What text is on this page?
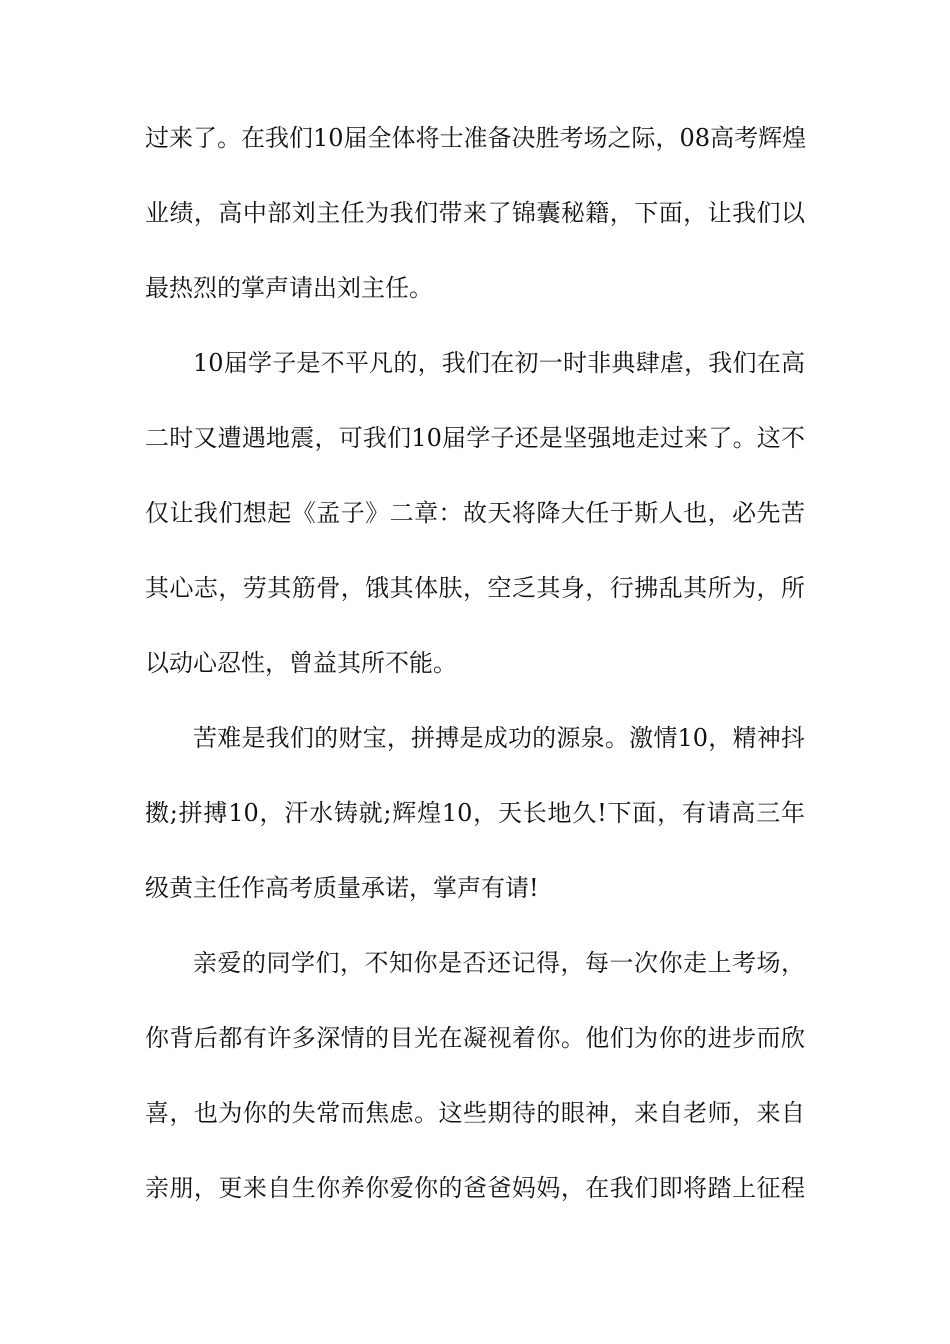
过来了。在我们10届全体将士准备决胜考场之际，08高考辉煌
业绩，高中部刘主任为我们带来了锦囊秘籍，下面，让我们以
最热烈的掌声请出刘主任。
10届学子是不平凡的，我们在初一时非典肆虐，我们在高
二时又遭遇地震，可我们10届学子还是坚强地走过来了。这不
仅让我们想起《孟子》二章：故天将降大任于斯人也，必先苦
其心志，劳其筋骨，饿其体肤，空乏其身，行拂乱其所为，所
以动心忍性，曾益其所不能。
苦难是我们的财宝，拼搏是成功的源泉。激情10，精神抖
擞;拼搏10，汗水铸就;辉煌10，天长地久!下面，有请高三年
级黄主任作高考质量承诺，掌声有请!
亲爱的同学们，不知你是否还记得，每一次你走上考场，
你背后都有许多深情的目光在凝视着你。他们为你的进步而欣
喜，也为你的失常而焦虑。这些期待的眼神，来自老师，来自
亲朋，更来自生你养你爱你的爸爸妈妈，在我们即将踏上征程
